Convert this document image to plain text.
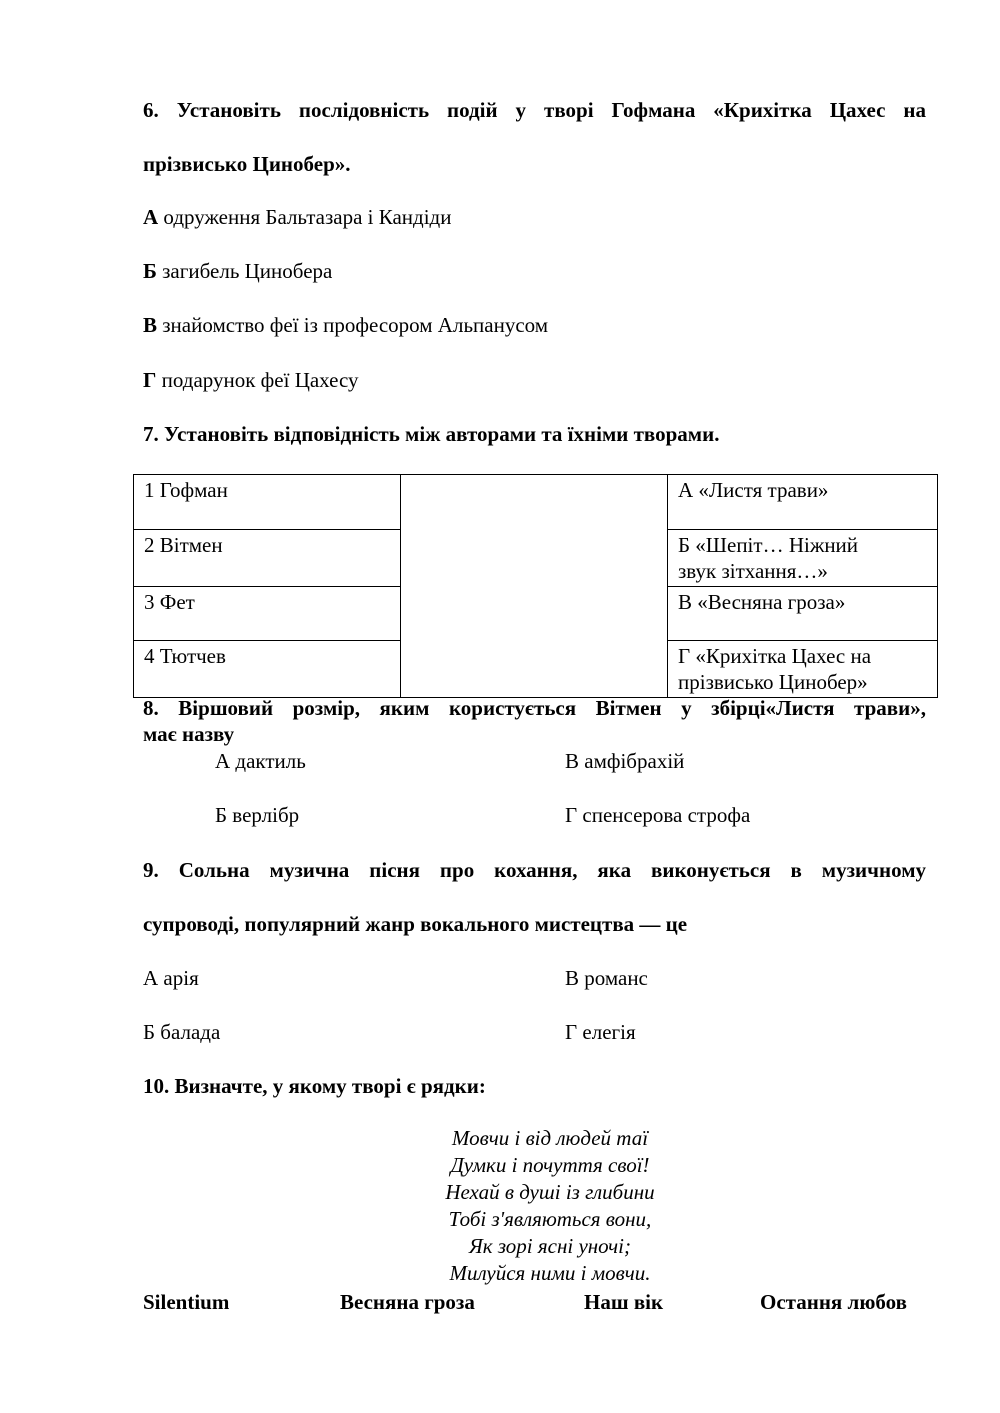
6. Установіть послідовність подій у творі Гофмана «Крихітка Цахес на
прізвисько Цинобер».
А одруження Бальтазара і Кандіди
Б загибель Цинобера
В знайомство феї із професором Альпанусом
Г подарунок феї Цахесу
7. Установіть відповідність між авторами та їхніми творами.
1 Гофман		А «Листя трави»

2 Вітмен		Б «Шепіт… Ніжний
звук зітхання…»

3 Фет		В «Весняна гроза»

4 Тютчев		Г «Крихітка Цахес на
прізвисько Цинобер»
8. Віршовий розмір, яким користується Вітмен у збірці«Листя трави»,
має назву
А дактиль	В амфібрахій
Б верлібр	Г спенсерова строфа
9. Сольна музична пісня про кохання, яка виконується в музичному
супроводі, популярний жанр вокального мистецтва — це
А арія	В романс
Б балада	Г елегія
10. Визначте, у якому творі є рядки:
Мовчи і від людей таї
Думки і почуття свої!
Нехай в душі із глибини
Тобі з'являються вони,
Як зорі ясні уночі;
Милуйся ними і мовчи.
Silentium	Весняна гроза	Наш вік	Остання любов
